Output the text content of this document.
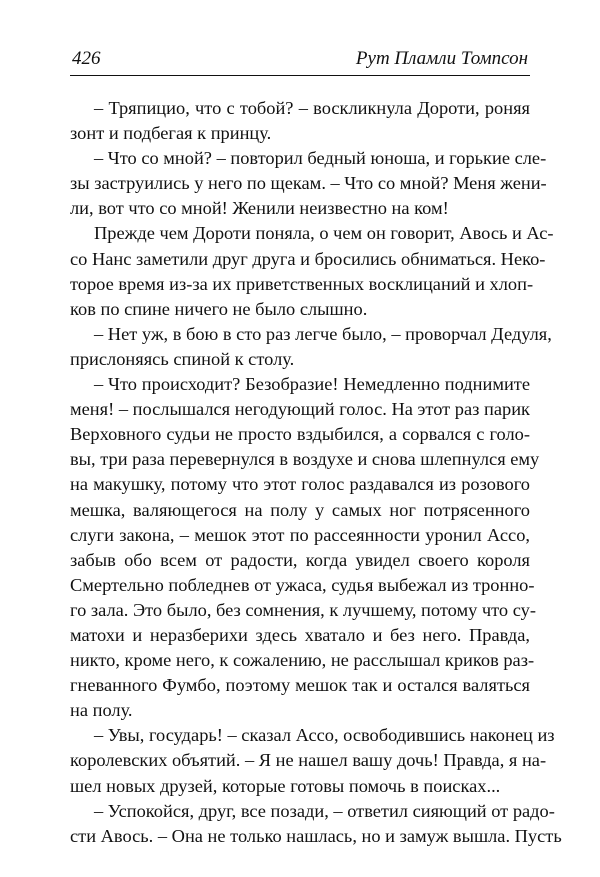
426	Рут Пламли Томпсон
– Тряпицио, что с тобой? – воскликнула Дороти, роняя
зонт и подбегая к принцу.
– Что со мной? – повторил бедный юноша, и горькие сле-
зы заструились у него по щекам. – Что со мной? Меня жени-
ли, вот что со мной! Женили неизвестно на ком!
Прежде чем Дороти поняла, о чем он говорит, Авось и Ас-
со Нанс заметили друг друга и бросились обниматься. Неко-
торое время из-за их приветственных восклицаний и хлоп-
ков по спине ничего не было слышно.
– Нет уж, в бою в сто раз легче было, – проворчал Дедуля,
прислоняясь спиной к столу.
– Что происходит? Безобразие! Немедленно поднимите
меня! – послышался негодующий голос. На этот раз парик
Верховного судьи не просто вздыбился, а сорвался с голо-
вы, три раза перевернулся в воздухе и снова шлепнулся ему
на макушку, потому что этот голос раздавался из розового
мешка, валяющегося на полу у самых ног потрясенного
слуги закона, – мешок этот по рассеянности уронил Ассо,
забыв обо всем от радости, когда увидел своего короля
Смертельно побледнев от ужаса, судья выбежал из тронно-
го зала. Это было, без сомнения, к лучшему, потому что су-
матохи и неразберихи здесь хватало и без него. Правда,
никто, кроме него, к сожалению, не расслышал криков раз-
гневанного Фумбо, поэтому мешок так и остался валяться
на полу.
– Увы, государь! – сказал Ассо, освободившись наконец из
королевских объятий. – Я не нашел вашу дочь! Правда, я на-
шел новых друзей, которые готовы помочь в поисках...
– Успокойся, друг, все позади, – ответил сияющий от радо-
сти Авось. – Она не только нашлась, но и замуж вышла. Пусть
